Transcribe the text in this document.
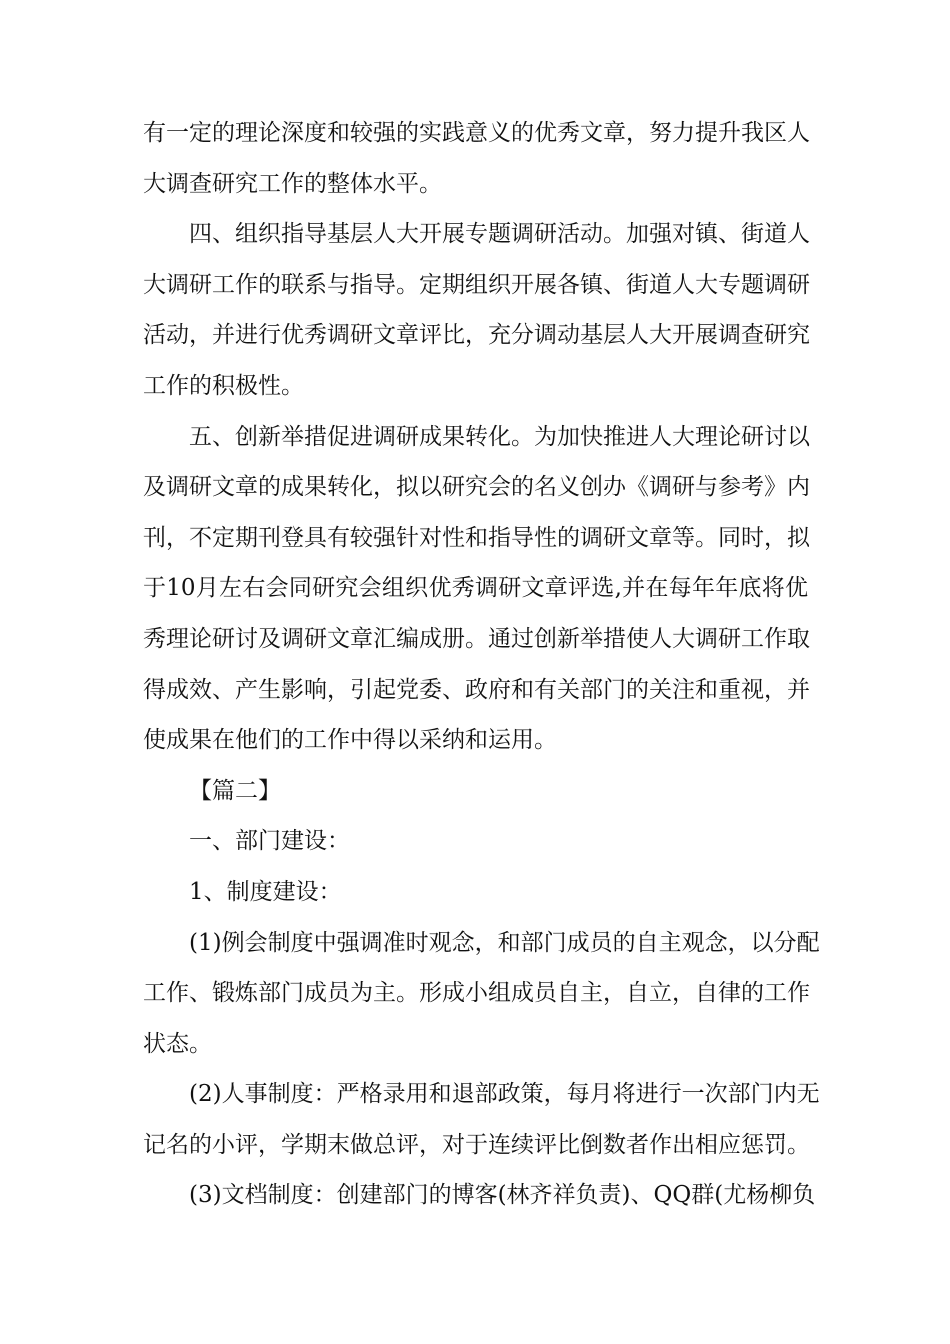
有一定的理论深度和较强的实践意义的优秀文章，努力提升我区人
大调查研究工作的整体水平。
四、组织指导基层人大开展专题调研活动。加强对镇、街道人
大调研工作的联系与指导。定期组织开展各镇、街道人大专题调研
活动，并进行优秀调研文章评比，充分调动基层人大开展调查研究
工作的积极性。
五、创新举措促进调研成果转化。为加快推进人大理论研讨以
及调研文章的成果转化，拟以研究会的名义创办《调研与参考》内
刊，不定期刊登具有较强针对性和指导性的调研文章等。同时，拟
于10月左右会同研究会组织优秀调研文章评选,并在每年年底将优
秀理论研讨及调研文章汇编成册。通过创新举措使人大调研工作取
得成效、产生影响，引起党委、政府和有关部门的关注和重视，并
使成果在他们的工作中得以采纳和运用。
【篇二】
一、部门建设：
1、制度建设：
(1)例会制度中强调准时观念，和部门成员的自主观念，以分配
工作、锻炼部门成员为主。形成小组成员自主，自立，自律的工作
状态。
(2)人事制度：严格录用和退部政策，每月将进行一次部门内无
记名的小评，学期末做总评，对于连续评比倒数者作出相应惩罚。
(3)文档制度：创建部门的博客(林齐祥负责)、QQ群(尤杨柳负
